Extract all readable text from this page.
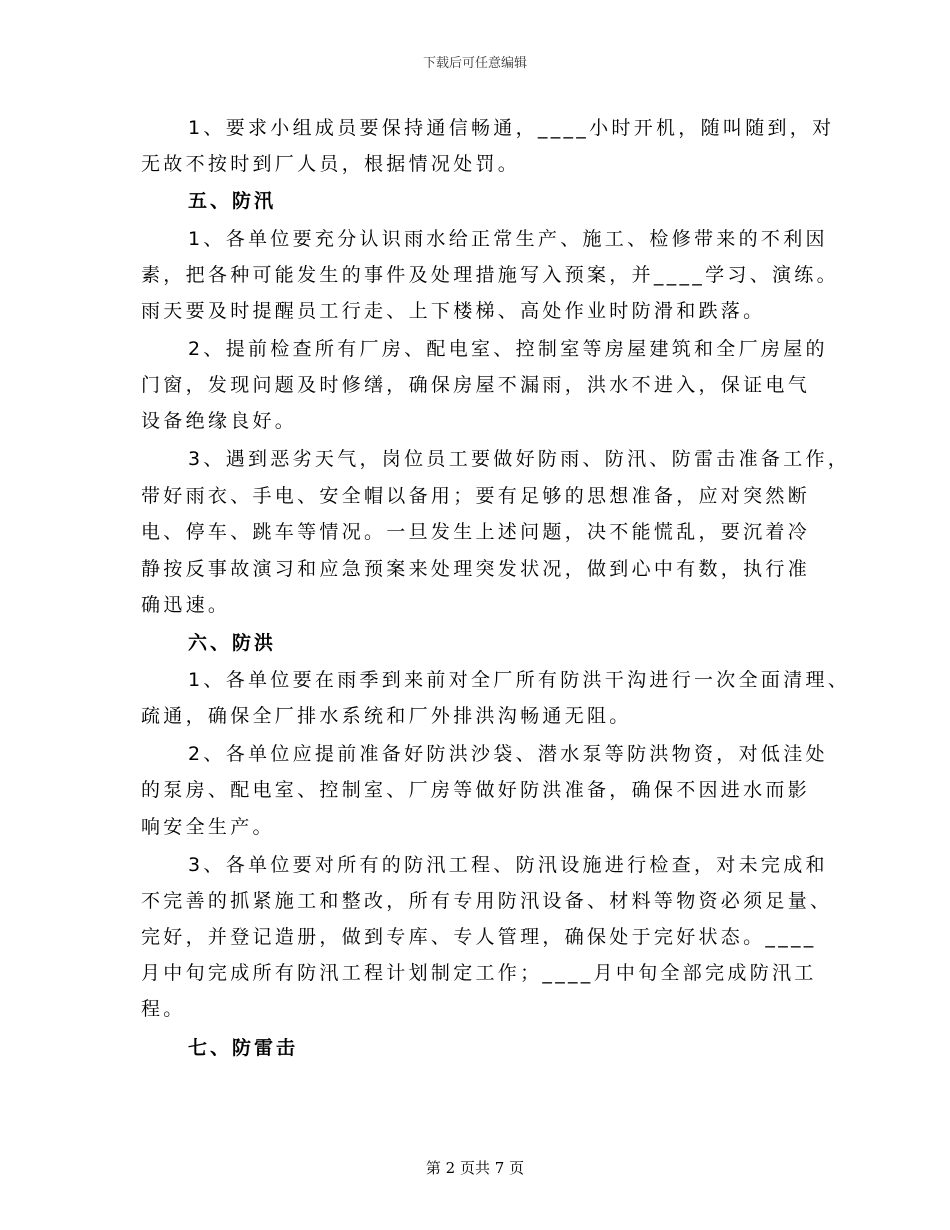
下载后可任意编辑
1、要求小组成员要保持通信畅通，____小时开机，随叫随到，对
无故不按时到厂人员，根据情况处罚。
五、防汛
1、各单位要充分认识雨水给正常生产、施工、检修带来的不利因
素，把各种可能发生的事件及处理措施写入预案，并____学习、演练。
雨天要及时提醒员工行走、上下楼梯、高处作业时防滑和跌落。
2、提前检查所有厂房、配电室、控制室等房屋建筑和全厂房屋的
门窗，发现问题及时修缮，确保房屋不漏雨，洪水不进入，保证电气
设备绝缘良好。
3、遇到恶劣天气，岗位员工要做好防雨、防汛、防雷击准备工作，
带好雨衣、手电、安全帽以备用；要有足够的思想准备，应对突然断
电、停车、跳车等情况。一旦发生上述问题，决不能慌乱，要沉着冷
静按反事故演习和应急预案来处理突发状况，做到心中有数，执行准
确迅速。
六、防洪
1、各单位要在雨季到来前对全厂所有防洪干沟进行一次全面清理、
疏通，确保全厂排水系统和厂外排洪沟畅通无阻。
2、各单位应提前准备好防洪沙袋、潜水泵等防洪物资，对低洼处
的泵房、配电室、控制室、厂房等做好防洪准备，确保不因进水而影
响安全生产。
3、各单位要对所有的防汛工程、防汛设施进行检查，对未完成和
不完善的抓紧施工和整改，所有专用防汛设备、材料等物资必须足量、
完好，并登记造册，做到专库、专人管理，确保处于完好状态。____
月中旬完成所有防汛工程计划制定工作；____月中旬全部完成防汛工
程。
七、防雷击
第 2 页共 7 页
